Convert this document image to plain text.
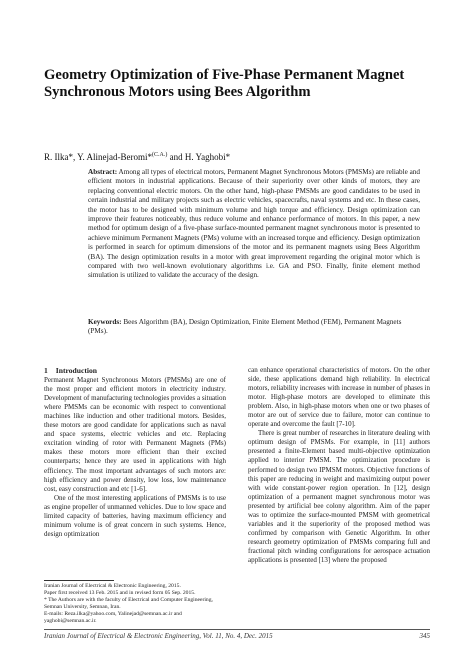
Geometry Optimization of Five-Phase Permanent Magnet Synchronous Motors using Bees Algorithm
R. Ilka*, Y. Alinejad-Beromi*$^{(C.A.)}$ and H. Yaghobi*
Abstract: Among all types of electrical motors, Permanent Magnet Synchronous Motors (PMSMs) are reliable and efficient motors in industrial applications. Because of their superiority over other kinds of motors, they are replacing conventional electric motors. On the other hand, high-phase PMSMs are good candidates to be used in certain industrial and military projects such as electric vehicles, spacecrafts, naval systems and etc. In these cases, the motor has to be designed with minimum volume and high torque and efficiency. Design optimization can improve their features noticeably, thus reduce volume and enhance performance of motors. In this paper, a new method for optimum design of a five-phase surface-mounted permanent magnet synchronous motor is presented to achieve minimum Permanent Magnets (PMs) volume with an increased torque and efficiency. Design optimization is performed in search for optimum dimensions of the motor and its permanent magnets using Bees Algorithm (BA). The design optimization results in a motor with great improvement regarding the original motor which is compared with two well-known evolutionary algorithms i.e. GA and PSO. Finally, finite element method simulation is utilized to validate the accuracy of the design.
Keywords: Bees Algorithm (BA), Design Optimization, Finite Element Method (FEM), Permanent Magnets (PMs).
1 Introduction

Permanent Magnet Synchronous Motors (PMSMs) are one of the most proper and efficient motors in electricity industry. Development of manufacturing technologies provides a situation where PMSMs can be economic with respect to conventional machines like induction and other traditional motors. Besides, these motors are good candidate for applications such as naval and space systems, electric vehicles and etc. Replacing excitation winding of rotor with Permanent Magnets (PMs) makes these motors more efficient than their excited counterparts; hence they are used in applications with high efficiency. The most important advantages of such motors are: high efficiency and power density, low loss, low maintenance cost, easy construction and etc [1-6].

One of the most interesting applications of PMSMs is to use as engine propeller of unmanned vehicles. Due to low space and limited capacity of batteries, having maximum efficiency and minimum volume is of great concern in such systems. Hence, design optimization

can enhance operational characteristics of motors. On the other side, these applications demand high reliability. In electrical motors, reliability increases with increase in number of phases in motor. High-phase motors are developed to eliminate this problem. Also, in high-phase motors when one or two phases of motor are out of service due to failure, motor can continue to operate and overcome the fault [7-10].

There is great number of researches in literature dealing with optimum design of PMSMs. For example, in [11] authors presented a finite-Element based multi-objective optimization applied to interior PMSM. The optimization procedure is performed to design two IPMSM motors. Objective functions of this paper are reducing in weight and maximizing output power with wide constant-power region operation. In [12], design optimization of a permanent magnet synchronous motor was presented by artificial bee colony algorithm. Aim of the paper was to optimize the surface-mounted PMSM with geometrical variables and it the superiority of the proposed method was confirmed by comparison with Genetic Algorithm. In other research geometry optimization of PMSMs comparing full and fractional pitch winding configurations for aerospace actuation applications is presented [13] where the proposed

Iranian Journal of Electrical & Electronic Engineering, 2015.
Paper first received 13 Feb. 2015 and in revised form 05 Sep. 2015.
* The Authors are with the faculty of Electrical and Computer Engineering, Semnan University, Semnan, Iran.
E-mails: Reza.ilka@yahoo.com, Yalinejad@semnan.ac.ir and yaghobi@semnan.ac.ir.
Iranian Journal of Electrical & Electronic Engineering, Vol. 11, No. 4, Dec. 2015	345
